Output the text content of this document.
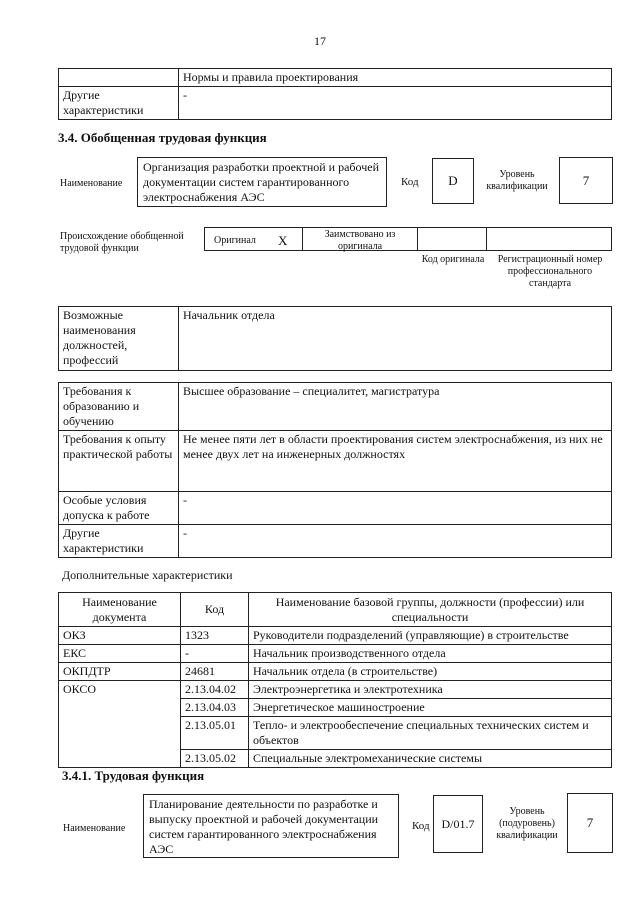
17
	Нормы и правила проектирования
Другие характеристики	-
3.4. Обобщенная трудовая функция
Наименование
Организация разработки проектной и рабочей документации систем гарантированного электроснабжения АЭС
Код	D	Уровень квалификации	7
Происхождение обобщенной трудовой функции
Оригинал X	Заимствовано из оригинала
Код оригинала	Регистрационный номер профессионального стандарта
Возможные наименования должностей, профессий	Начальник отдела
Требования к образованию и обучению	Высшее образование – специалитет, магистратура
Требования к опыту практической работы	Не менее пяти лет в области проектирования систем электроснабжения, из них не менее двух лет на инженерных должностях
Особые условия допуска к работе	-
Другие характеристики	-
Дополнительные характеристики
Наименование документа	Код	Наименование базовой группы, должности (профессии) или специальности
ОКЗ	1323	Руководители подразделений (управляющие) в строительстве
ЕКС	-	Начальник производственного отдела
ОКПДТР	24681	Начальник отдела (в строительстве)
ОКСО	2.13.04.02	Электроэнергетика и электротехника
	2.13.04.03	Энергетическое машиностроение
	2.13.05.01	Тепло- и электрообеспечение специальных технических систем и объектов
	2.13.05.02	Специальные электромеханические системы
3.4.1. Трудовая функция
Наименование
Планирование деятельности по разработке и выпуску проектной и рабочей документации систем гарантированного электроснабжения АЭС
Код D/01.7
Уровень (подуровень) квалификации
7
